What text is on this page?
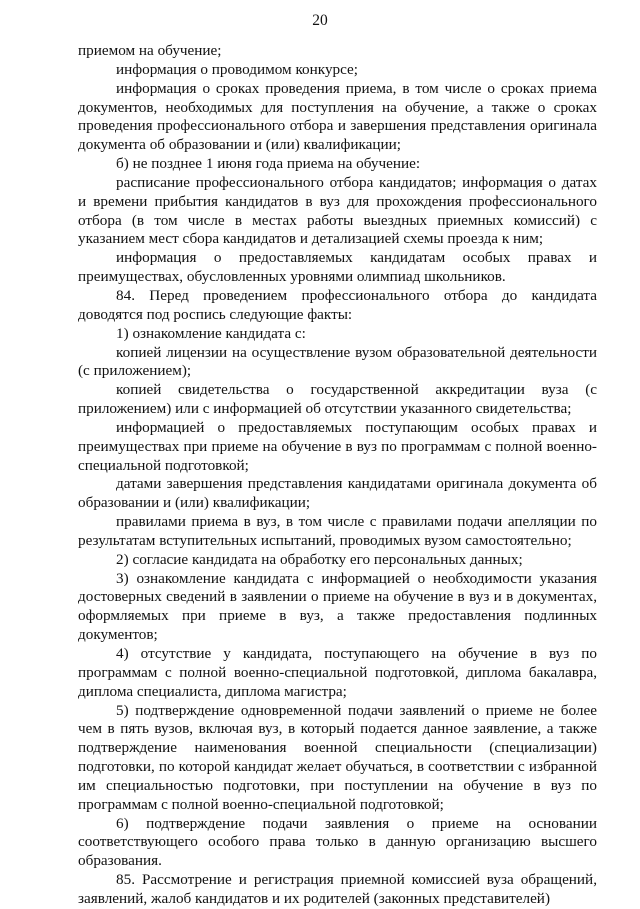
20

приемом на обучение;

информация о проводимом конкурсе;

информация о сроках проведения приема, в том числе о сроках приема документов, необходимых для поступления на обучение, а также о сроках проведения профессионального отбора и завершения представления оригинала документа об образовании и (или) квалификации;

б) не позднее 1 июня года приема на обучение:

расписание профессионального отбора кандидатов; информация о датах и времени прибытия кандидатов в вуз для прохождения профессионального отбора (в том числе в местах работы выездных приемных комиссий) с указанием мест сбора кандидатов и детализацией схемы проезда к ним;

информация о предоставляемых кандидатам особых правах и преимуществах, обусловленных уровнями олимпиад школьников.

84. Перед проведением профессионального отбора до кандидата доводятся под роспись следующие факты:

1) ознакомление кандидата с:

копией лицензии на осуществление вузом образовательной деятельности (с приложением);

копией свидетельства о государственной аккредитации вуза (с приложением) или с информацией об отсутствии указанного свидетельства;

информацией о предоставляемых поступающим особых правах и преимуществах при приеме на обучение в вуз по программам с полной военно-специальной подготовкой;

датами завершения представления кандидатами оригинала документа об образовании и (или) квалификации;

правилами приема в вуз, в том числе с правилами подачи апелляции по результатам вступительных испытаний, проводимых вузом самостоятельно;

2) согласие кандидата на обработку его персональных данных;

3) ознакомление кандидата с информацией о необходимости указания достоверных сведений в заявлении о приеме на обучение в вуз и в документах, оформляемых при приеме в вуз, а также предоставления подлинных документов;

4) отсутствие у кандидата, поступающего на обучение в вуз по программам с полной военно-специальной подготовкой, диплома бакалавра, диплома специалиста, диплома магистра;

5) подтверждение одновременной подачи заявлений о приеме не более чем в пять вузов, включая вуз, в который подается данное заявление, а также подтверждение наименования военной специальности (специализации) подготовки, по которой кандидат желает обучаться, в соответствии с избранной им специальностью подготовки, при поступлении на обучение в вуз по программам с полной военно-специальной подготовкой;

6) подтверждение подачи заявления о приеме на основании соответствующего особого права только в данную организацию высшего образования.

85. Рассмотрение и регистрация приемной комиссией вуза обращений, заявлений, жалоб кандидатов и их родителей (законных представителей)
